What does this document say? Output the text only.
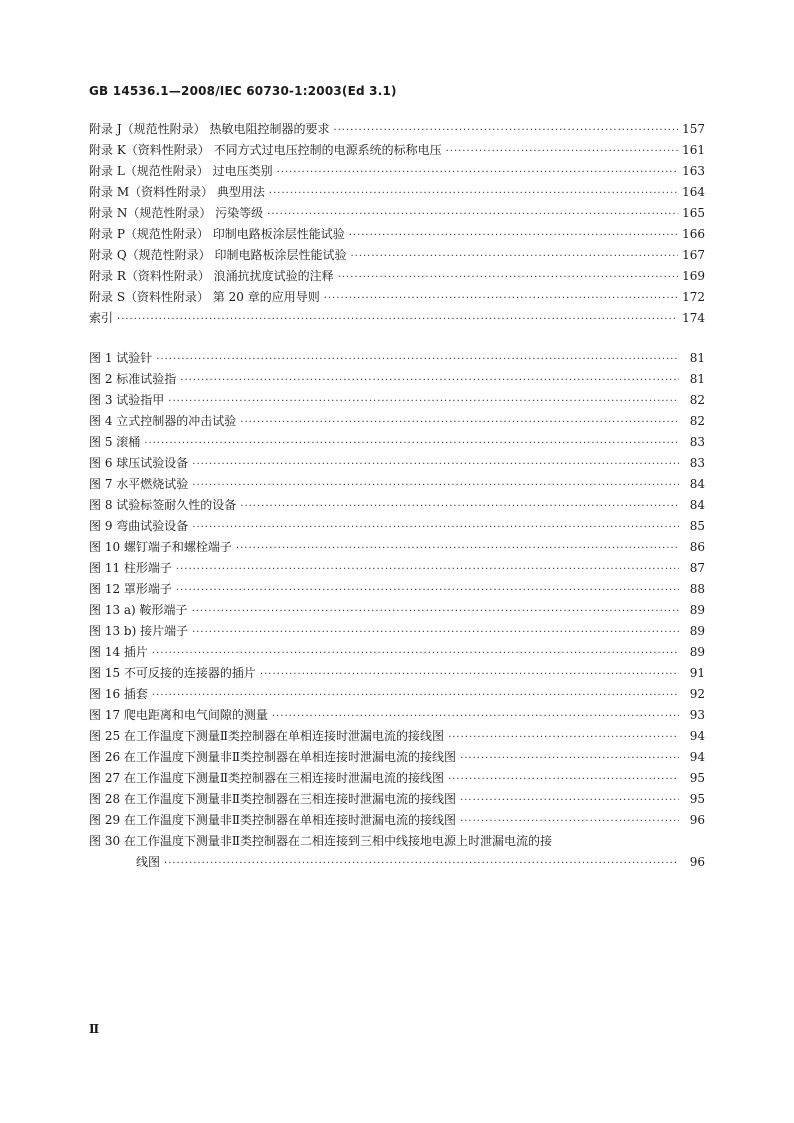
GB 14536.1—2008/IEC 60730-1:2003(Ed 3.1)
附录 J（规范性附录） 热敏电阻控制器的要求 ·····	157
附录 K（资料性附录） 不同方式过电压控制的电源系统的标称电压 ·····	161
附录 L（规范性附录） 过电压类别 ·····	163
附录 M（资料性附录） 典型用法 ·····	164
附录 N（规范性附录） 污染等级 ·····	165
附录 P（规范性附录） 印制电路板涂层性能试验 ·····	166
附录 Q（规范性附录） 印制电路板涂层性能试验 ·····	167
附录 R（资料性附录） 浪涌抗扰度试验的注释 ·····	169
附录 S（资料性附录） 第 20 章的应用导则 ·····	172
索引 ·····	174
图 1 试验针 ·····	81
图 2 标准试验指 ·····	81
图 3 试验指甲 ·····	82
图 4 立式控制器的冲击试验 ·····	82
图 5 滚桶 ·····	83
图 6 球压试验设备 ·····	83
图 7 水平燃烧试验 ·····	84
图 8 试验标签耐久性的设备 ·····	84
图 9 弯曲试验设备 ·····	85
图 10 螺钉端子和螺栓端子 ·····	86
图 11 柱形端子 ·····	87
图 12 罩形端子 ·····	88
图 13 a) 鞍形端子 ·····	89
图 13 b) 接片端子 ·····	89
图 14 插片 ·····	89
图 15 不可反接的连接器的插片 ·····	91
图 16 插套 ·····	92
图 17 爬电距离和电气间隙的测量 ·····	93
图 25 在工作温度下测量Ⅱ类控制器在单相连接时泄漏电流的接线图 ·····	94
图 26 在工作温度下测量非Ⅱ类控制器在单相连接时泄漏电流的接线图 ·····	94
图 27 在工作温度下测量Ⅱ类控制器在三相连接时泄漏电流的接线图 ·····	95
图 28 在工作温度下测量非Ⅱ类控制器在三相连接时泄漏电流的接线图 ·····	95
图 29 在工作温度下测量非Ⅱ类控制器在单相连接时泄漏电流的接线图 ·····	96
图 30 在工作温度下测量非Ⅱ类控制器在二相连接到三相中线接地电源上时泄漏电流的接
线图 ·····	96
Ⅱ
